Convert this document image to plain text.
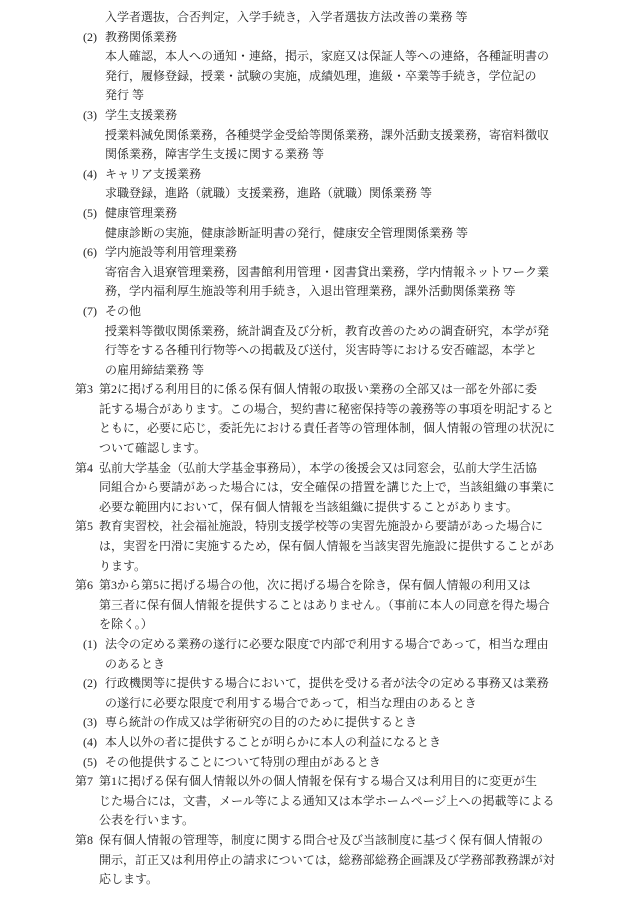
入学者選抜，合否判定，入学手続き，入学者選抜方法改善の業務 等
(2) 教務関係業務
本人確認，本人への通知・連絡，掲示，家庭又は保証人等への連絡，各種証明書の
発行，履修登録，授業・試験の実施，成績処理，進級・卒業等手続き，学位記の
発行 等
(3) 学生支援業務
授業料減免関係業務，各種奨学金受給等関係業務，課外活動支援業務，寄宿料徴収
関係業務，障害学生支援に関する業務 等
(4) キャリア支援業務
求職登録，進路（就職）支援業務，進路（就職）関係業務 等
(5) 健康管理業務
健康診断の実施，健康診断証明書の発行，健康安全管理関係業務 等
(6) 学内施設等利用管理業務
寄宿舎入退寮管理業務，図書館利用管理・図書貸出業務，学内情報ネットワーク業
務，学内福利厚生施設等利用手続き，入退出管理業務，課外活動関係業務 等
(7) その他
授業料等徴収関係業務，統計調査及び分析，教育改善のための調査研究，本学が発
行等をする各種刊行物等への掲載及び送付，災害時等における安否確認，本学と
の雇用締結業務 等
第3 第2に掲げる利用目的に係る保有個人情報の取扱い業務の全部又は一部を外部に委
託する場合があります。この場合，契約書に秘密保持等の義務等の事項を明記すると
ともに，必要に応じ，委託先における責任者等の管理体制，個人情報の管理の状況に
ついて確認します。
第4 弘前大学基金（弘前大学基金事務局），本学の後援会又は同窓会，弘前大学生活協
同組合から要請があった場合には，安全確保の措置を講じた上で，当該組織の事業に
必要な範囲内において，保有個人情報を当該組織に提供することがあります。
第5 教育実習校，社会福祉施設，特別支援学校等の実習先施設から要請があった場合に
は，実習を円滑に実施するため，保有個人情報を当該実習先施設に提供することがあ
ります。
第6 第3から第5に掲げる場合の他，次に掲げる場合を除き，保有個人情報の利用又は
第三者に保有個人情報を提供することはありません。（事前に本人の同意を得た場合
を除く。）
(1) 法令の定める業務の遂行に必要な限度で内部で利用する場合であって，相当な理由
のあるとき
(2) 行政機関等に提供する場合において，提供を受ける者が法令の定める事務又は業務
の遂行に必要な限度で利用する場合であって，相当な理由のあるとき
(3) 専ら統計の作成又は学術研究の目的のために提供するとき
(4) 本人以外の者に提供することが明らかに本人の利益になるとき
(5) その他提供することについて特別の理由があるとき
第7 第1に掲げる保有個人情報以外の個人情報を保有する場合又は利用目的に変更が生
じた場合には，文書，メール等による通知又は本学ホームページ上への掲載等による
公表を行います。
第8 保有個人情報の管理等，制度に関する問合せ及び当該制度に基づく保有個人情報の
開示，訂正又は利用停止の請求については，総務部総務企画課及び学務部教務課が対
応します。
